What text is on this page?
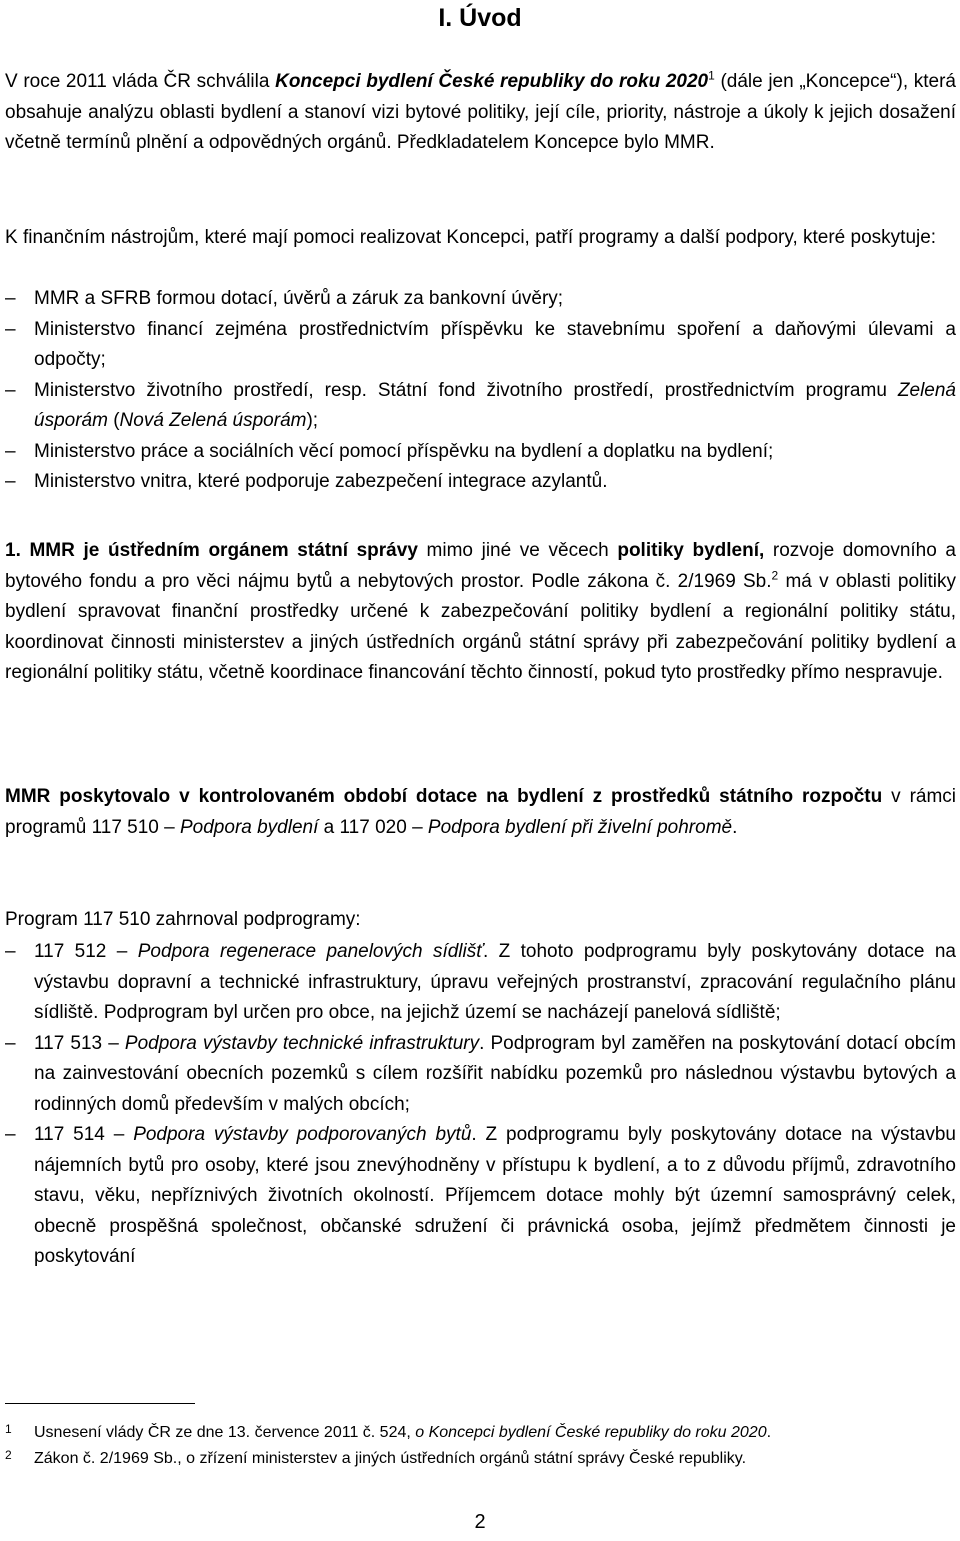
I. Úvod

V roce 2011 vláda ČR schválila Koncepci bydlení České republiky do roku 2020$^1$ (dále jen „Koncepce“), která obsahuje analýzu oblasti bydlení a stanoví vizi bytové politiky, její cíle, priority, nástroje a úkoly k jejich dosažení včetně termínů plnění a odpovědných orgánů. Předkladatelem Koncepce bylo MMR.

K finančním nástrojům, které mají pomoci realizovat Koncepci, patří programy a další podpory, které poskytuje:

– MMR a SFRB formou dotací, úvěrů a záruk za bankovní úvěry;
– Ministerstvo financí zejména prostřednictvím příspěvku ke stavebnímu spoření a daňovými úlevami a odpočty;
– Ministerstvo životního prostředí, resp. Státní fond životního prostředí, prostřednictvím programu Zelená úsporám (Nová Zelená úsporám);
– Ministerstvo práce a sociálních věcí pomocí příspěvku na bydlení a doplatku na bydlení;
– Ministerstvo vnitra, které podporuje zabezpečení integrace azylantů.

1. MMR je ústředním orgánem státní správy mimo jiné ve věcech politiky bydlení, rozvoje domovního a bytového fondu a pro věci nájmu bytů a nebytových prostor. Podle zákona č. 2/1969 Sb.$^2$ má v oblasti politiky bydlení spravovat finanční prostředky určené k zabezpečování politiky bydlení a regionální politiky státu, koordinovat činnosti ministerstev a jiných ústředních orgánů státní správy při zabezpečování politiky bydlení a regionální politiky státu, včetně koordinace financování těchto činností, pokud tyto prostředky přímo nespravuje.

MMR poskytovalo v kontrolovaném období dotace na bydlení z prostředků státního rozpočtu v rámci programů 117 510 – Podpora bydlení a 117 020 – Podpora bydlení při živelní pohromě.

Program 117 510 zahrnoval podprogramy:

– 117 512 – Podpora regenerace panelových sídlišť. Z tohoto podprogramu byly poskytovány dotace na výstavbu dopravní a technické infrastruktury, úpravu veřejných prostranství, zpracování regulačního plánu sídliště. Podprogram byl určen pro obce, na jejichž území se nacházejí panelová sídliště;
– 117 513 – Podpora výstavby technické infrastruktury. Podprogram byl zaměřen na poskytování dotací obcím na zainvestování obecních pozemků s cílem rozšířit nabídku pozemků pro následnou výstavbu bytových a rodinných domů především v malých obcích;
– 117 514 – Podpora výstavby podporovaných bytů. Z podprogramu byly poskytovány dotace na výstavbu nájemních bytů pro osoby, které jsou znevýhodněny v přístupu k bydlení, a to z důvodu příjmů, zdravotního stavu, věku, nepříznivých životních okolností. Příjemcem dotace mohly být územní samosprávný celek, obecně prospěšná společnost, občanské sdružení či právnická osoba, jejímž předmětem činnosti je poskytování
1 Usnesení vlády ČR ze dne 13. července 2011 č. 524, o Koncepci bydlení České republiky do roku 2020.
2 Zákon č. 2/1969 Sb., o zřízení ministerstev a jiných ústředních orgánů státní správy České republiky.
2
